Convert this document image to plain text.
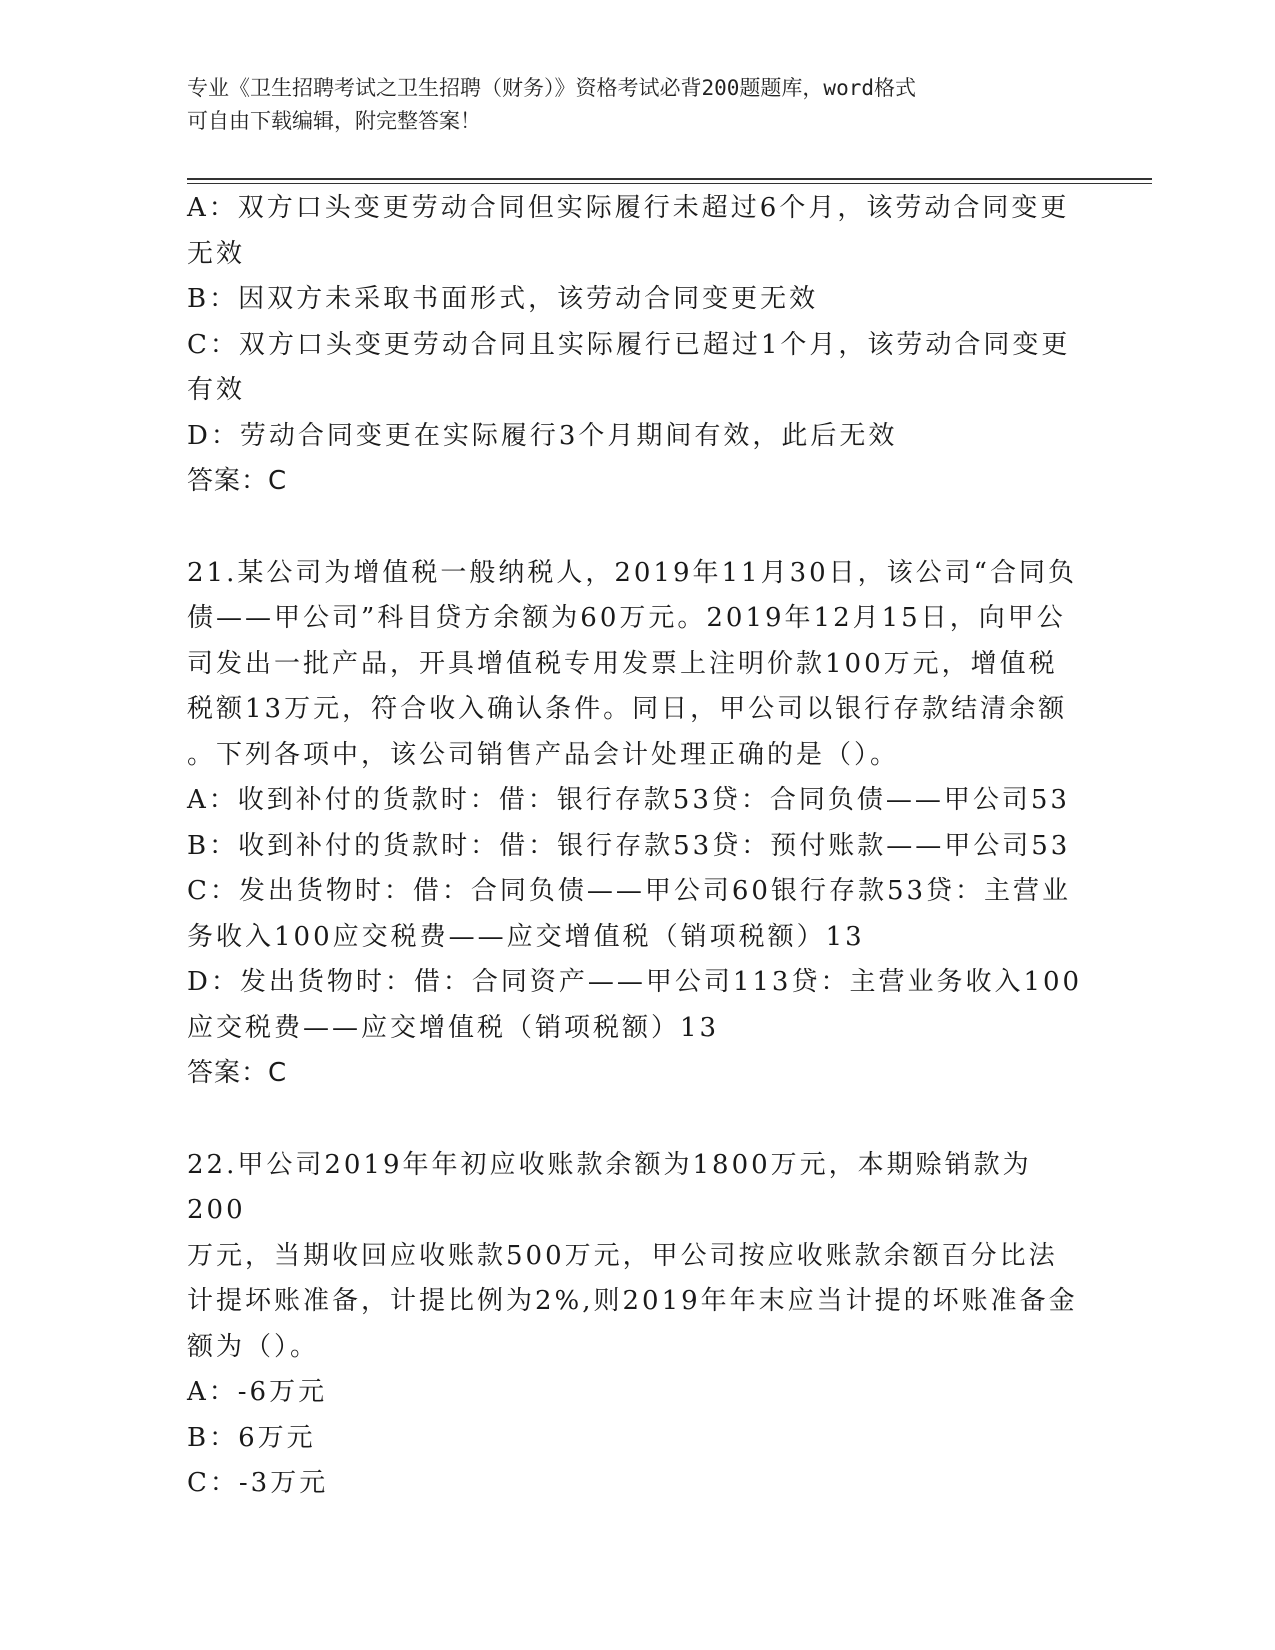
专业《卫生招聘考试之卫生招聘（财务）》资格考试必背200题题库，word格式
可自由下载编辑，附完整答案！

A：双方口头变更劳动合同但实际履行未超过6个月，该劳动合同变更

无效

B：因双方未采取书面形式，该劳动合同变更无效

C：双方口头变更劳动合同且实际履行已超过1个月，该劳动合同变更

有效

D：劳动合同变更在实际履行3个月期间有效，此后无效

答案：C

21.某公司为增值税一般纳税人，2019年11月30日，该公司“合同负

债——甲公司”科目贷方余额为60万元。2019年12月15日，向甲公

司发出一批产品，开具增值税专用发票上注明价款100万元，增值税

税额13万元，符合收入确认条件。同日，甲公司以银行存款结清余额

。下列各项中，该公司销售产品会计处理正确的是（）。

A：收到补付的货款时：借：银行存款53贷：合同负债——甲公司53

B：收到补付的货款时：借：银行存款53贷：预付账款——甲公司53

C：发出货物时：借：合同负债——甲公司60银行存款53贷：主营业

务收入100应交税费——应交增值税（销项税额）13

D：发出货物时：借：合同资产——甲公司113贷：主营业务收入100

应交税费——应交增值税（销项税额）13

答案：C

22.甲公司2019年年初应收账款余额为1800万元，本期赊销款为200

万元，当期收回应收账款500万元，甲公司按应收账款余额百分比法

计提坏账准备，计提比例为2%,则2019年年末应当计提的坏账准备金

额为（）。

A：-6万元

B：6万元

C：-3万元
